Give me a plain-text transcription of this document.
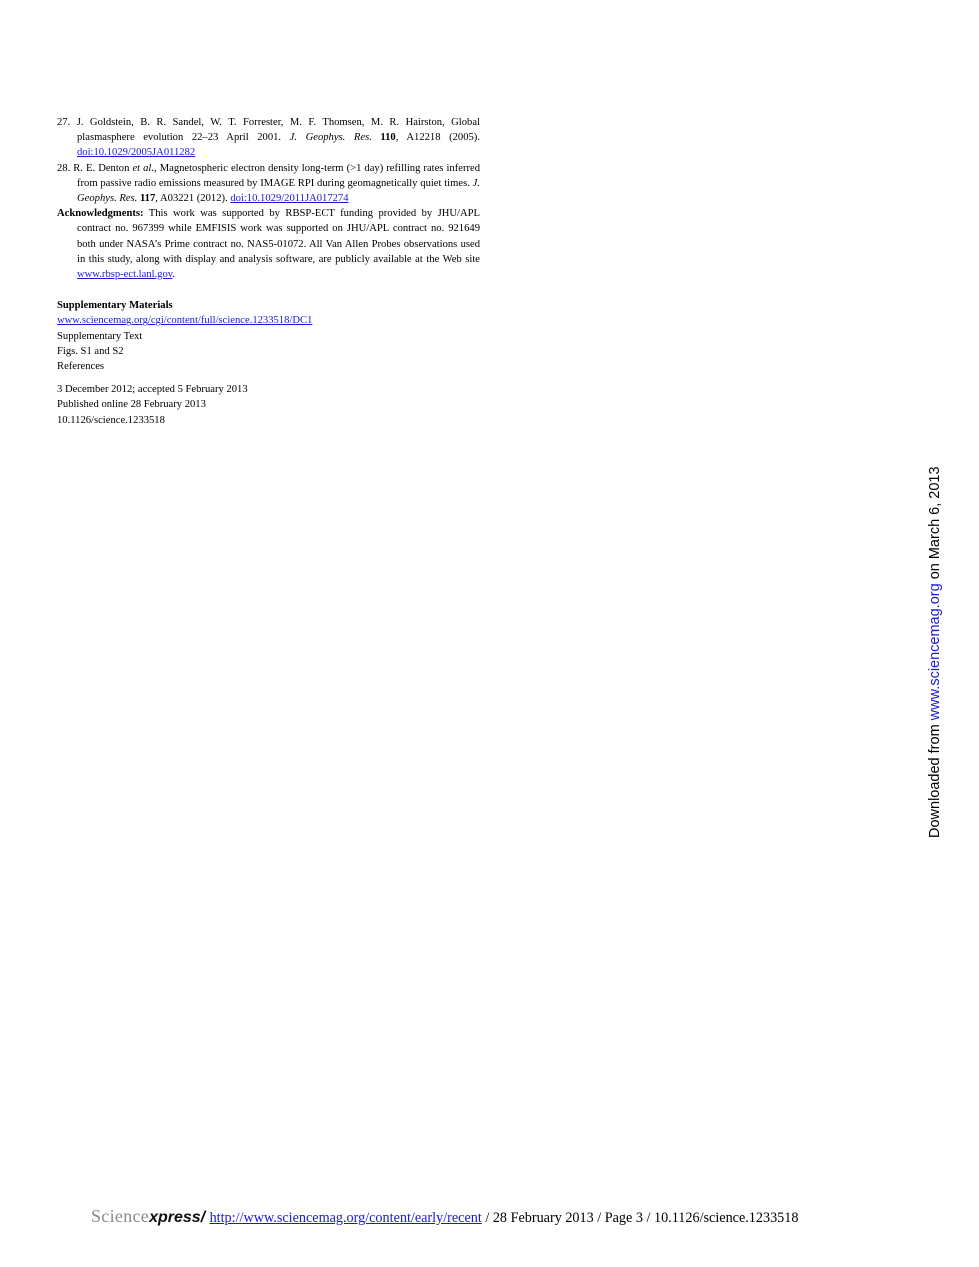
27. J. Goldstein, B. R. Sandel, W. T. Forrester, M. F. Thomsen, M. R. Hairston, Global plasmasphere evolution 22–23 April 2001. J. Geophys. Res. 110, A12218 (2005). doi:10.1029/2005JA011282

28. R. E. Denton et al., Magnetospheric electron density long-term (>1 day) refilling rates inferred from passive radio emissions measured by IMAGE RPI during geomagnetically quiet times. J. Geophys. Res. 117, A03221 (2012). doi:10.1029/2011JA017274

Acknowledgments: This work was supported by RBSP-ECT funding provided by JHU/APL contract no. 967399 while EMFISIS work was supported on JHU/APL contract no. 921649 both under NASA’s Prime contract no. NAS5-01072. All Van Allen Probes observations used in this study, along with display and analysis software, are publicly available at the Web site www.rbsp-ect.lanl.gov.

Supplementary Materials
www.sciencemag.org/cgi/content/full/science.1233518/DC1
Supplementary Text
Figs. S1 and S2
References
3 December 2012; accepted 5 February 2013
Published online 28 February 2013
10.1126/science.1233518
Downloaded from www.sciencemag.org on March 6, 2013
Sciencexpress/ http://www.sciencemag.org/content/early/recent / 28 February 2013 / Page 3 / 10.1126/science.1233518
